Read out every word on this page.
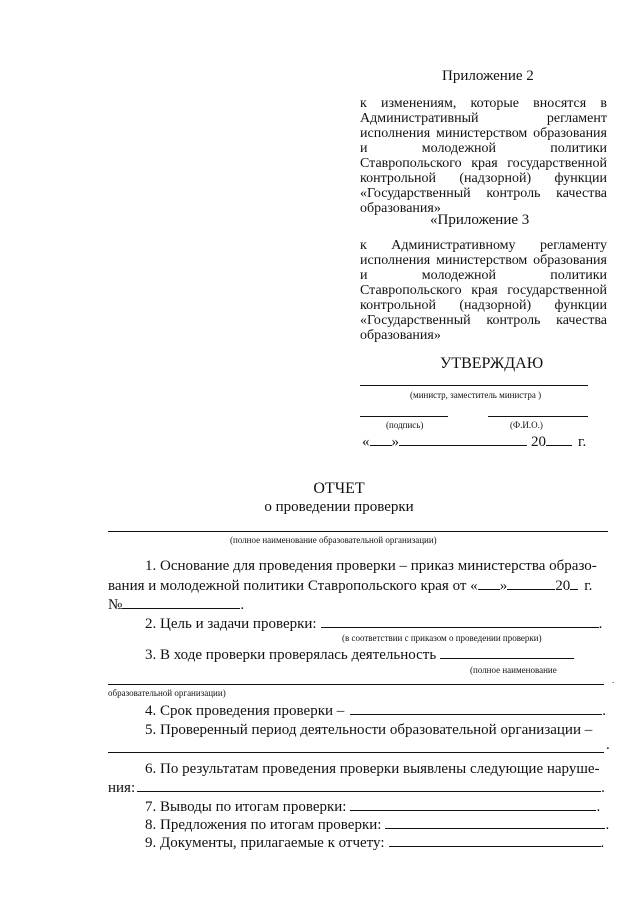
Приложение 2
к изменениям, которые вносятся в Административный регламент исполнения министерством образования и молодежной политики Ставропольского края государственной контрольной (надзорной) функции «Государственный контроль качества образования»
«Приложение 3
к Административному регламенту исполнения министерством образования и молодежной политики Ставропольского края государственной контрольной (надзорной) функции «Государственный контроль качества образования»
УТВЕРЖДАЮ
(министр, заместитель министра )
(подпись)	(Ф.И.О.)
« »	20 г.
ОТЧЕТ
о проведении проверки
(полное наименование образовательной организации)
1. Основание для проведения проверки – приказ министерства образо-
вания и молодежной политики Ставропольского края от « »	20 г.
№	.
2. Цель и задачи проверки:	.
(в соответствии с приказом о проведении проверки)
3. В ходе проверки проверялась деятельность
(полное наименование
.
образовательной организации)
4. Срок проведения проверки –	.
5. Проверенный период деятельности образовательной организации –
.
6. По результатам проведения проверки выявлены следующие наруше-
ния:	.
7. Выводы по итогам проверки:	.
8. Предложения по итогам проверки:	.
9. Документы, прилагаемые к отчету:	.
